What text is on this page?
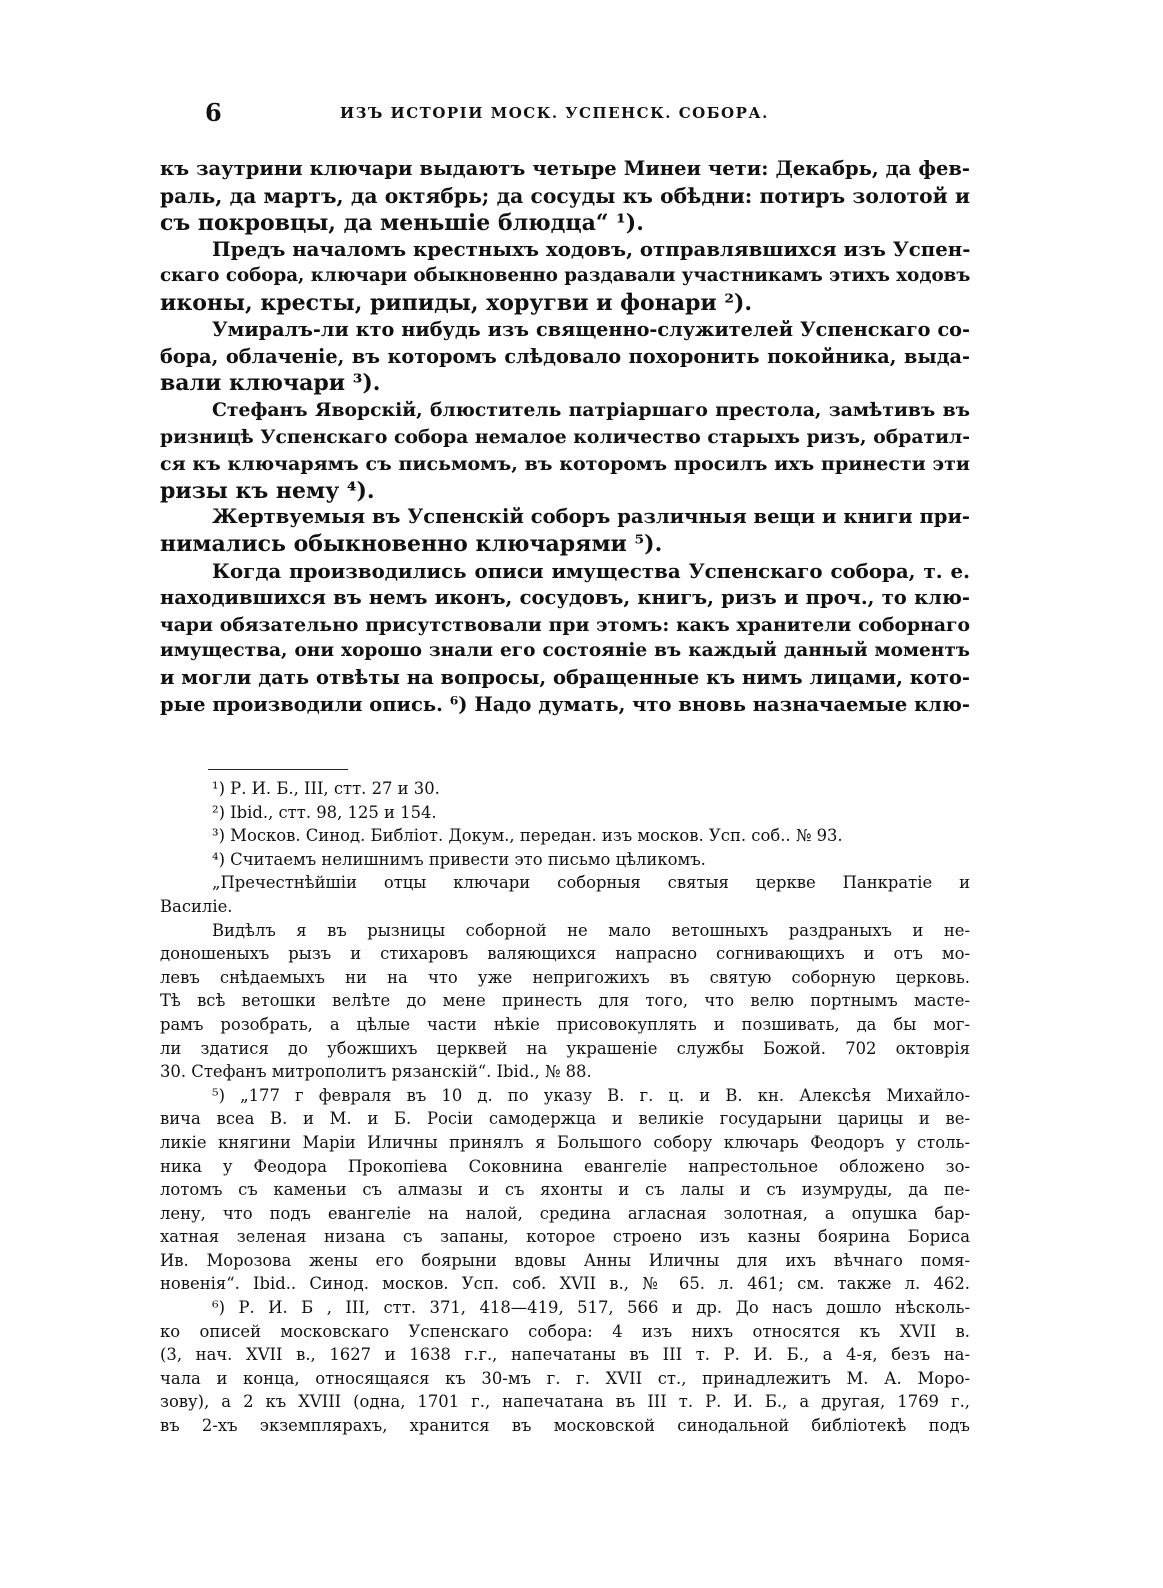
6	ИЗЪ ИСТОРІИ МОСК. УСПЕНСК. СОБОРА.
къ заутрини ключари выдаютъ четыре Минеи чети: Декабрь, да фев-
раль, да мартъ, да октябрь; да сосуды къ обѣдни: потиръ золотой и
съ покровцы, да меньшіе блюдца“ ¹).
Предъ началомъ крестныхъ ходовъ, отправлявшихся изъ Успен-
скаго собора, ключари обыкновенно раздавали участникамъ этихъ ходовъ
иконы, кресты, рипиды, хоругви и фонари ²).
Умиралъ-ли кто нибудь изъ священно-служителей Успенскаго со-
бора, облаченіе, въ которомъ слѣдовало похоронить покойника, выда-
вали ключари ³).
Стефанъ Яворскій, блюститель патріаршаго престола, замѣтивъ въ
ризницѣ Успенскаго собора немалое количество старыхъ ризъ, обратил-
ся къ ключарямъ съ письмомъ, въ которомъ просилъ ихъ принести эти
ризы къ нему ⁴).
Жертвуемыя въ Успенскій соборъ различныя вещи и книги при-
нимались обыкновенно ключарями ⁵).
Когда производились описи имущества Успенскаго собора, т. е.
находившихся въ немъ иконъ, сосудовъ, книгъ, ризъ и проч., то клю-
чари обязательно присутствовали при этомъ: какъ хранители соборнаго
имущества, они хорошо знали его состояніе въ каждый данный моментъ
и могли дать отвѣты на вопросы, обращенные къ нимъ лицами, кото-
рые производили опись. ⁶) Надо думать, что вновь назначаемые клю-
¹) Р. И. Б., III, стт. 27 и 30.
²) Ibid., стт. 98, 125 и 154.
³) Москов. Синод. Библіот. Докум., передан. изъ москов. Усп. соб.. № 93.
⁴) Считаемъ нелишнимъ привести это письмо цѣликомъ.
„Пречестнѣйшіи отцы ключари соборныя святыя церкве Панкратіе и
Василіе.
Видѣлъ я въ рызницы соборной не мало ветошныхъ раздраныхъ и не-
доношеныхъ рызъ и стихаровъ валяющихся напрасно согнивающихъ и отъ мо-
левъ снѣдаемыхъ ни на что уже непригожихъ въ святую соборную церковь.
Тѣ всѣ ветошки велѣте до мене принесть для того, что велю портнымъ масте-
рамъ розобрать, а цѣлые части нѣкіе присовокуплять и позшивать, да бы мог-
ли здатися до убожшихъ церквей на украшеніе службы Божой. 702 октоврія
30. Стефанъ митрополитъ рязанскій“. Ibid., № 88.
⁵) „177 г февраля въ 10 д. по указу В. г. ц. и В. кн. Алексѣя Михайло-
вича всеа В. и М. и Б. Росіи самодержца и великіе государыни царицы и ве-
ликіе княгини Маріи Иличны принялъ я Большого собору ключарь Феодоръ у столь-
ника у Феодора Прокопіева Соковнина евангеліе напрестольное обложено зо-
лотомъ съ каменьи съ алмазы и съ яхонты и съ лалы и съ изумруды, да пе-
лену, что подъ евангеліе на налой, средина агласная золотная, а опушка бар-
хатная зеленая низана съ запаны, которое строено изъ казны боярина Бориса
Ив. Морозова жены его боярыни вдовы Анны Иличны для ихъ вѣчнаго помя-
новенія“. Ibid.. Синод. москов. Усп. соб. XVII в., № 65. л. 461; см. также л. 462.
⁶) Р. И. Б , III, стт. 371, 418—419, 517, 566 и др. До насъ дошло нѣсколь-
ко описей московскаго Успенскаго собора: 4 изъ нихъ относятся къ XVII в.
(3, нач. XVII в., 1627 и 1638 г.г., напечатаны въ III т. Р. И. Б., а 4-я, безъ на-
чала и конца, относящаяся къ 30-мъ г. г. XVII ст., принадлежитъ М. А. Моро-
зову), а 2 къ XVIII (одна, 1701 г., напечатана въ III т. Р. И. Б., а другая, 1769 г.,
въ 2-хъ экземплярахъ, хранится въ московской синодальной библіотекѣ подъ
